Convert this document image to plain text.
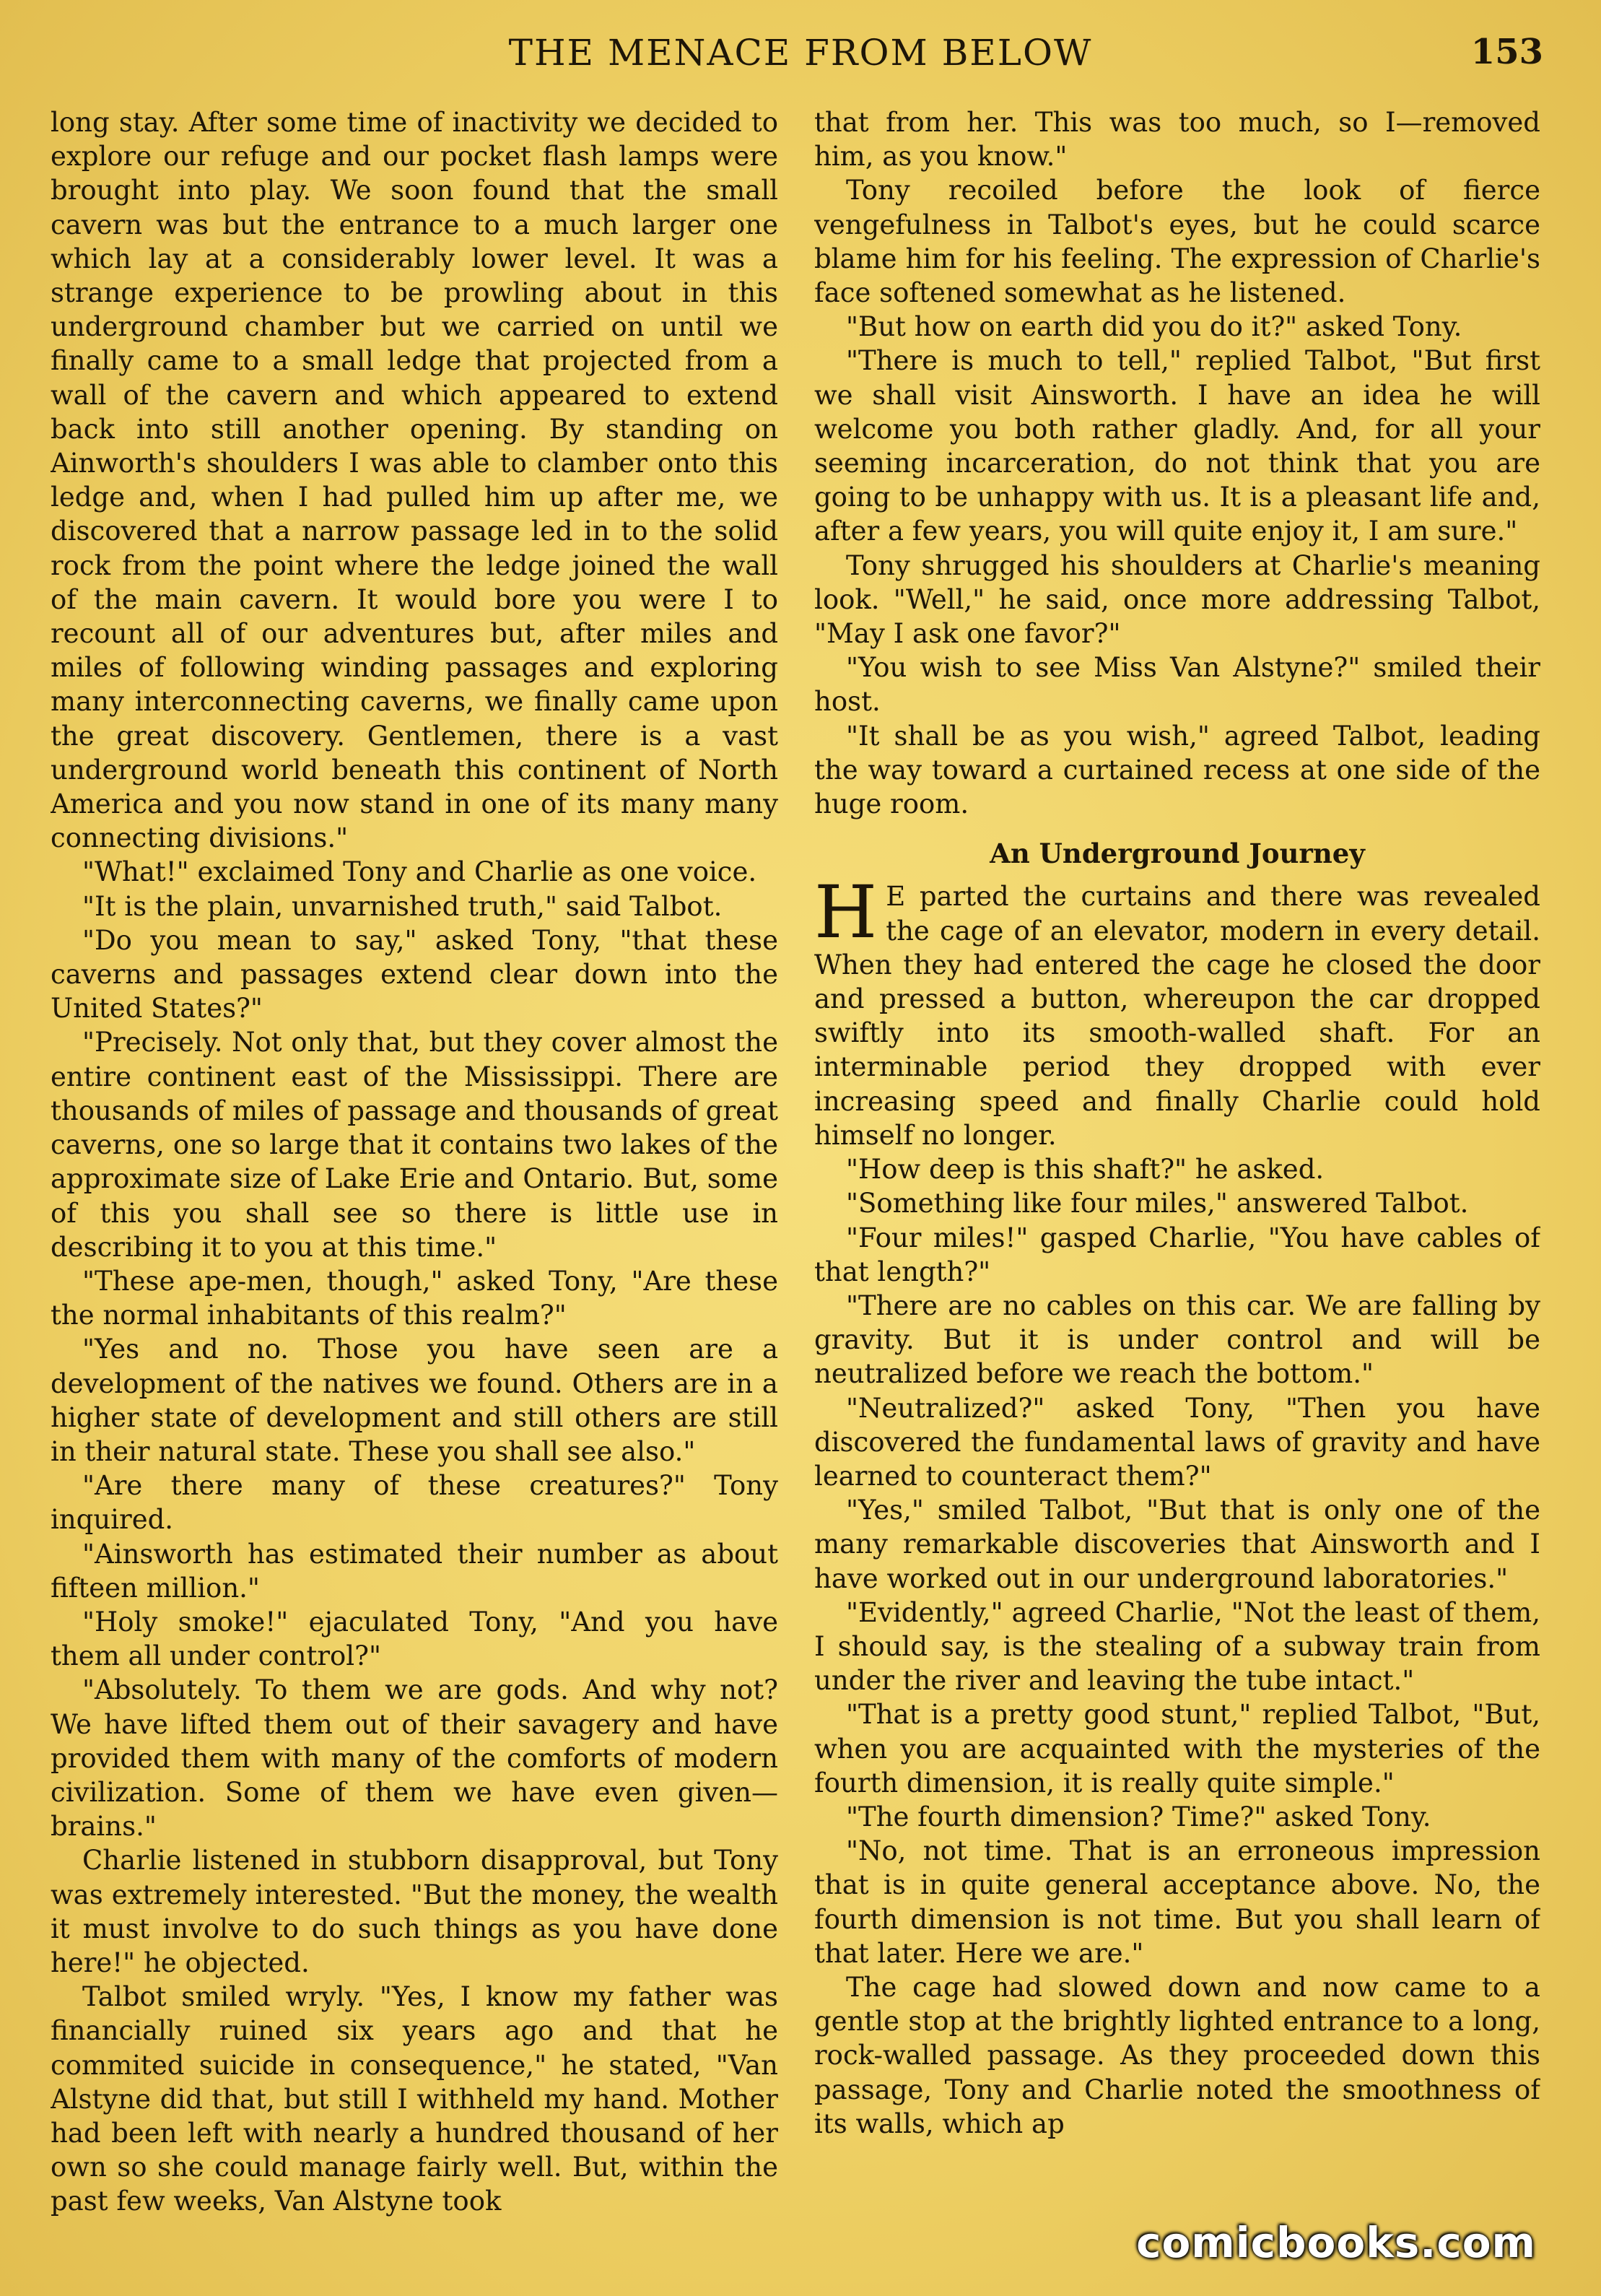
THE MENACE FROM BELOW	153

long stay. After some time of inactivity we decided to explore our refuge and our pocket flash lamps were brought into play. We soon found that the small cavern was but the entrance to a much larger one which lay at a considerably lower level. It was a strange experience to be prowling about in this underground chamber but we carried on until we finally came to a small ledge that projected from a wall of the cavern and which appeared to extend back into still another opening. By standing on Ainworth's shoulders I was able to clamber onto this ledge and, when I had pulled him up after me, we discovered that a narrow passage led in to the solid rock from the point where the ledge joined the wall of the main cavern. It would bore you were I to recount all of our adventures but, after miles and miles of following winding passages and exploring many interconnecting caverns, we finally came upon the great discovery. Gentlemen, there is a vast underground world beneath this continent of North America and you now stand in one of its many many connecting divisions."

"What!" exclaimed Tony and Charlie as one voice.

"It is the plain, unvarnished truth," said Talbot.

"Do you mean to say," asked Tony, "that these caverns and passages extend clear down into the United States?"

"Precisely. Not only that, but they cover almost the entire continent east of the Mississippi. There are thousands of miles of passage and thousands of great caverns, one so large that it contains two lakes of the approximate size of Lake Erie and Ontario. But, some of this you shall see so there is little use in describing it to you at this time."

"These ape-men, though," asked Tony, "Are these the normal inhabitants of this realm?"

"Yes and no. Those you have seen are a development of the natives we found. Others are in a higher state of development and still others are still in their natural state. These you shall see also."

"Are there many of these creatures?" Tony inquired.

"Ainsworth has estimated their number as about fifteen million."

"Holy smoke!" ejaculated Tony, "And you have them all under control?"

"Absolutely. To them we are gods. And why not? We have lifted them out of their savagery and have provided them with many of the comforts of modern civilization. Some of them we have even given—brains."

Charlie listened in stubborn disapproval, but Tony was extremely interested. "But the money, the wealth it must involve to do such things as you have done here!" he objected.

Talbot smiled wryly. "Yes, I know my father was financially ruined six years ago and that he commited suicide in consequence," he stated, "Van Alstyne did that, but still I withheld my hand. Mother had been left with nearly a hundred thousand of her own so she could manage fairly well. But, within the past few weeks, Van Alstyne took

that from her. This was too much, so I—removed him, as you know."

Tony recoiled before the look of fierce vengefulness in Talbot's eyes, but he could scarce blame him for his feeling. The expression of Charlie's face softened somewhat as he listened.

"But how on earth did you do it?" asked Tony.

"There is much to tell," replied Talbot, "But first we shall visit Ainsworth. I have an idea he will welcome you both rather gladly. And, for all your seeming incarceration, do not think that you are going to be unhappy with us. It is a pleasant life and, after a few years, you will quite enjoy it, I am sure."

Tony shrugged his shoulders at Charlie's meaning look. "Well," he said, once more addressing Talbot, "May I ask one favor?"

"You wish to see Miss Van Alstyne?" smiled their host.

"It shall be as you wish," agreed Talbot, leading the way toward a curtained recess at one side of the huge room.

An Underground Journey

H E parted the curtains and there was revealed the cage of an elevator, modern in every detail. When they had entered the cage he closed the door and pressed a button, whereupon the car dropped swiftly into its smooth-walled shaft. For an interminable period they dropped with ever increasing speed and finally Charlie could hold himself no longer.

"How deep is this shaft?" he asked.

"Something like four miles," answered Talbot.

"Four miles!" gasped Charlie, "You have cables of that length?"

"There are no cables on this car. We are falling by gravity. But it is under control and will be neutralized before we reach the bottom."

"Neutralized?" asked Tony, "Then you have discovered the fundamental laws of gravity and have learned to counteract them?"

"Yes," smiled Talbot, "But that is only one of the many remarkable discoveries that Ainsworth and I have worked out in our underground laboratories."

"Evidently," agreed Charlie, "Not the least of them, I should say, is the stealing of a subway train from under the river and leaving the tube intact."

"That is a pretty good stunt," replied Talbot, "But, when you are acquainted with the mysteries of the fourth dimension, it is really quite simple."

"The fourth dimension? Time?" asked Tony.

"No, not time. That is an erroneous impression that is in quite general acceptance above. No, the fourth dimension is not time. But you shall learn of that later. Here we are."

The cage had slowed down and now came to a gentle stop at the brightly lighted entrance to a long, rock-walled passage. As they proceeded down this passage, Tony and Charlie noted the smoothness of its walls, which ap

comicbooks.com
